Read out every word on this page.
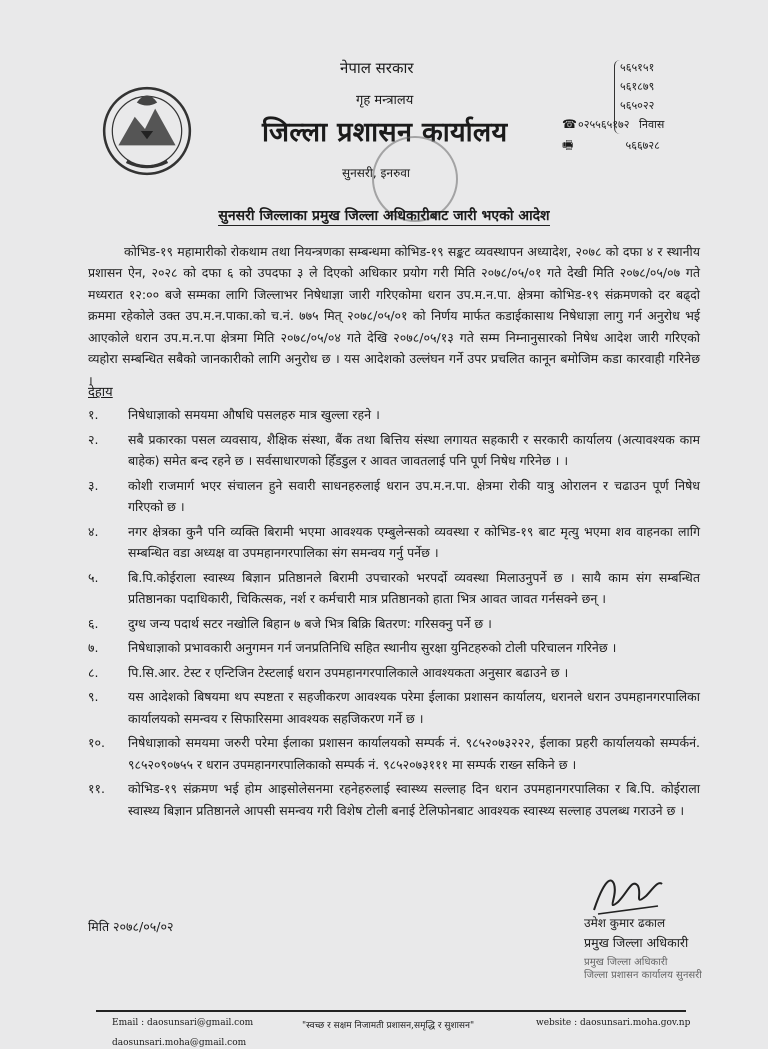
नेपाल सरकार
गृह मन्त्रालय
जिल्ला प्रशासन कार्यालय
सुनसरी, इनरुवा
५६५१५१
५६१८७९
५६५०२२
☎०२५५६५१७२ निवास
🖷	५६६७२८
सुनसरी जिल्लाका प्रमुख जिल्ला अधिकारीबाट जारी भएको आदेश

कोभिड-१९ महामारीको रोकथाम तथा नियन्त्रणका सम्बन्धमा कोभिड-१९ सङ्कट व्यवस्थापन अध्यादेश, २०७८ को दफा ४ र स्थानीय प्रशासन ऐन, २०२८ को दफा ६ को उपदफा ३ ले दिएको अधिकार प्रयोग गरी मिति २०७८/०५/०१ गते देखी मिति २०७८/०५/०७ गते मध्यरात १२:०० बजे सम्मका लागि जिल्लाभर निषेधाज्ञा जारी गरिएकोमा धरान उप.म.न.पा. क्षेत्रमा कोभिड-१९ संक्रमणको दर बढ्दो क्रममा रहेकोले उक्त उप.म.न.पाका.को च.नं. ७७५ मित् २०७८/०५/०१ को निर्णय मार्फत कडाईकासाथ निषेधाज्ञा लागु गर्न अनुरोध भई आएकोले धरान उप.म.न.पा क्षेत्रमा मिति २०७८/०५/०४ गते देखि २०७८/०५/१३ गते सम्म निम्नानुसारको निषेध आदेश जारी गरिएको व्यहोरा सम्बन्धित सबैको जानकारीको लागि अनुरोध छ । यस आदेशको उल्लंघन गर्ने उपर प्रचलित कानून बमोजिम कडा कारवाही गरिनेछ ।

देहाय
१.	निषेधाज्ञाको समयमा औषधि पसलहरु मात्र खुल्ला रहने ।
२.	सबै प्रकारका पसल व्यवसाय, शैक्षिक संस्था, बैंक तथा बित्तिय संस्था लगायत सहकारी र सरकारी कार्यालय (अत्यावश्यक काम बाहेक) समेत बन्द रहने छ । सर्वसाधारणको हिँडडुल र आवत जावतलाई पनि पूर्ण निषेध गरिनेछ । ।
३.	कोशी राजमार्ग भएर संचालन हुने सवारी साधनहरुलाई धरान उप.म.न.पा. क्षेत्रमा रोकी यात्रु ओरालन र चढाउन पूर्ण निषेध गरिएको छ ।
४.	नगर क्षेत्रका कुनै पनि व्यक्ति बिरामी भएमा आवश्यक एम्बुलेन्सको व्यवस्था र कोभिड-१९ बाट मृत्यु भएमा शव वाहनका लागि सम्बन्धित वडा अध्यक्ष वा उपमहानगरपालिका संग समन्वय गर्नु पर्नेछ ।
५.	बि.पि.कोईराला स्वास्थ्य बिज्ञान प्रतिष्ठानले बिरामी उपचारको भरपर्दो व्यवस्था मिलाउनुपर्ने छ । सायै काम संग सम्बन्धित प्रतिष्ठानका पदाधिकारी, चिकित्सक, नर्श र कर्मचारी मात्र प्रतिष्ठानको हाता भित्र आवत जावत गर्नसक्ने छन् ।
६.	दुग्ध जन्य पदार्थ सटर नखोलि बिहान ७ बजे भित्र बिक्रि बितरण: गरिसक्नु पर्ने छ ।
७.	निषेधाज्ञाको प्रभावकारी अनुगमन गर्न जनप्रतिनिधि सहित स्थानीय सुरक्षा युनिटहरुको टोली परिचालन गरिनेछ ।
८.	पि.सि.आर. टेस्ट र एन्टिजिन टेस्टलाई धरान उपमहानगरपालिकाले आवश्यकता अनुसार बढाउने छ ।
९.	यस आदेशको बिषयमा थप स्पष्टता र सहजीकरण आवश्यक परेमा ईलाका प्रशासन कार्यालय, धरानले धरान उपमहानगरपालिका कार्यालयको समन्वय र सिफारिसमा आवश्यक सहजिकरण गर्ने छ ।
१०.	निषेधाज्ञाको समयमा जरुरी परेमा ईलाका प्रशासन कार्यालयको सम्पर्क नं. ९८५२०७३२२२, ईलाका प्रहरी कार्यालयको सम्पर्कनं. ९८५२०९०७५५ र धरान उपमहानगरपालिकाको सम्पर्क नं. ९८५२०७३१११ मा सम्पर्क राख्न सकिने छ ।
११.	कोभिड-१९ संक्रमण भई होम आइसोलेसनमा रहनेहरुलाई स्वास्थ्य सल्लाह दिन धरान उपमहानगरपालिका र बि.पि. कोईराला स्वास्थ्य बिज्ञान प्रतिष्ठानले आपसी समन्वय गरी विशेष टोली बनाई टेलिफोनबाट आवश्यक स्वास्थ्य सल्लाह उपलब्ध गराउने छ ।
मिति २०७८/०५/०२	उमेश कुमार ढकाल
प्रमुख जिल्ला अधिकारी
प्रमुख जिल्ला अधिकारी
जिल्ला प्रशासन कार्यालय सुनसरी
Email : daosunsari@gmail.com	"स्वच्छ र सक्षम निजामती प्रशासन,समृद्धि र सुशासन"	website : daosunsari.moha.gov.np
daosunsari.moha@gmail.com
